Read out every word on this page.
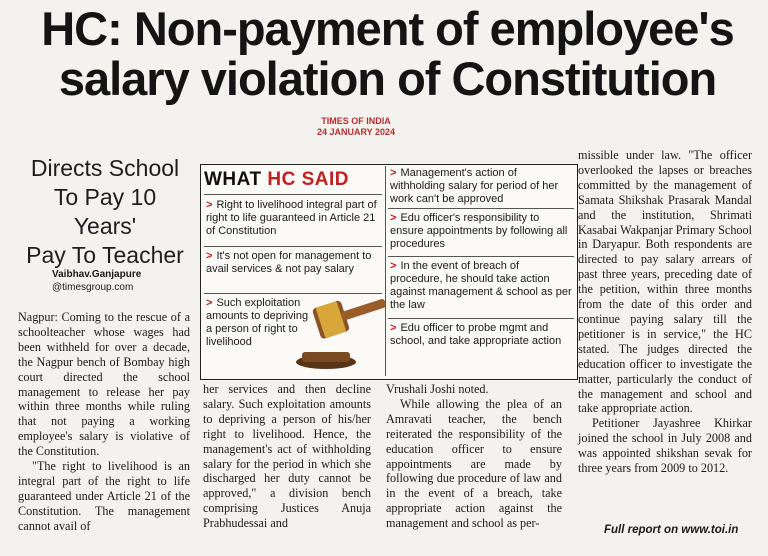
HC: Non-payment of employee's
salary violation of Constitution
TIMES OF INDIA
24 JANUARY 2024
Directs School
To Pay 10 Years'
Pay To Teacher
Vaibhav.Ganjapure
@timesgroup.com
WHAT HC SAID
> Right to livelihood integral part of right to life guaranteed in Article 21 of Constitution
> It's not open for management to avail services & not pay salary
> Such exploitation amounts to depriving a person of right to livelihood
> Management's action of withholding salary for period of her work can't be approved
> Edu officer's responsibility to ensure appointments by following all procedures
> In the event of breach of procedure, he should take action against management & school as per the law
> Edu officer to probe mgmt and school, and take appropriate action

Nagpur: Coming to the rescue of a schoolteacher whose wages had been withheld for over a decade, the Nagpur bench of Bombay high court directed the school management to release her pay within three months while ruling that not paying a working employee's salary is violative of the Constitution.

"The right to livelihood is an integral part of the right to life guaranteed under Article 21 of the Constitution. The management cannot avail of

her services and then decline salary. Such exploitation amounts to depriving a person of his/her right to livelihood. Hence, the management's act of withholding salary for the period in which she discharged her duty cannot be approved," a division bench comprising Justices Anuja Prabhudessai and

Vrushali Joshi noted.

While allowing the plea of an Amravati teacher, the bench reiterated the responsibility of the education officer to ensure appointments are made by following due procedure of law and in the event of a breach, take appropriate action against the management and school as per-

missible under law. "The officer overlooked the lapses or breaches committed by the management of Samata Shikshak Prasarak Mandal and the institution, Shrimati Kasabai Wakpanjar Primary School in Daryapur. Both respondents are directed to pay salary arrears of past three years, preceding date of the petition, within three months from the date of this order and continue paying salary till the petitioner is in service," the HC stated. The judges directed the education officer to investigate the matter, particularly the conduct of the management and school and take appropriate action.

Petitioner Jayashree Khirkar joined the school in July 2008 and was appointed shikshan sevak for three years from 2009 to 2012.

Full report on www.toi.in
